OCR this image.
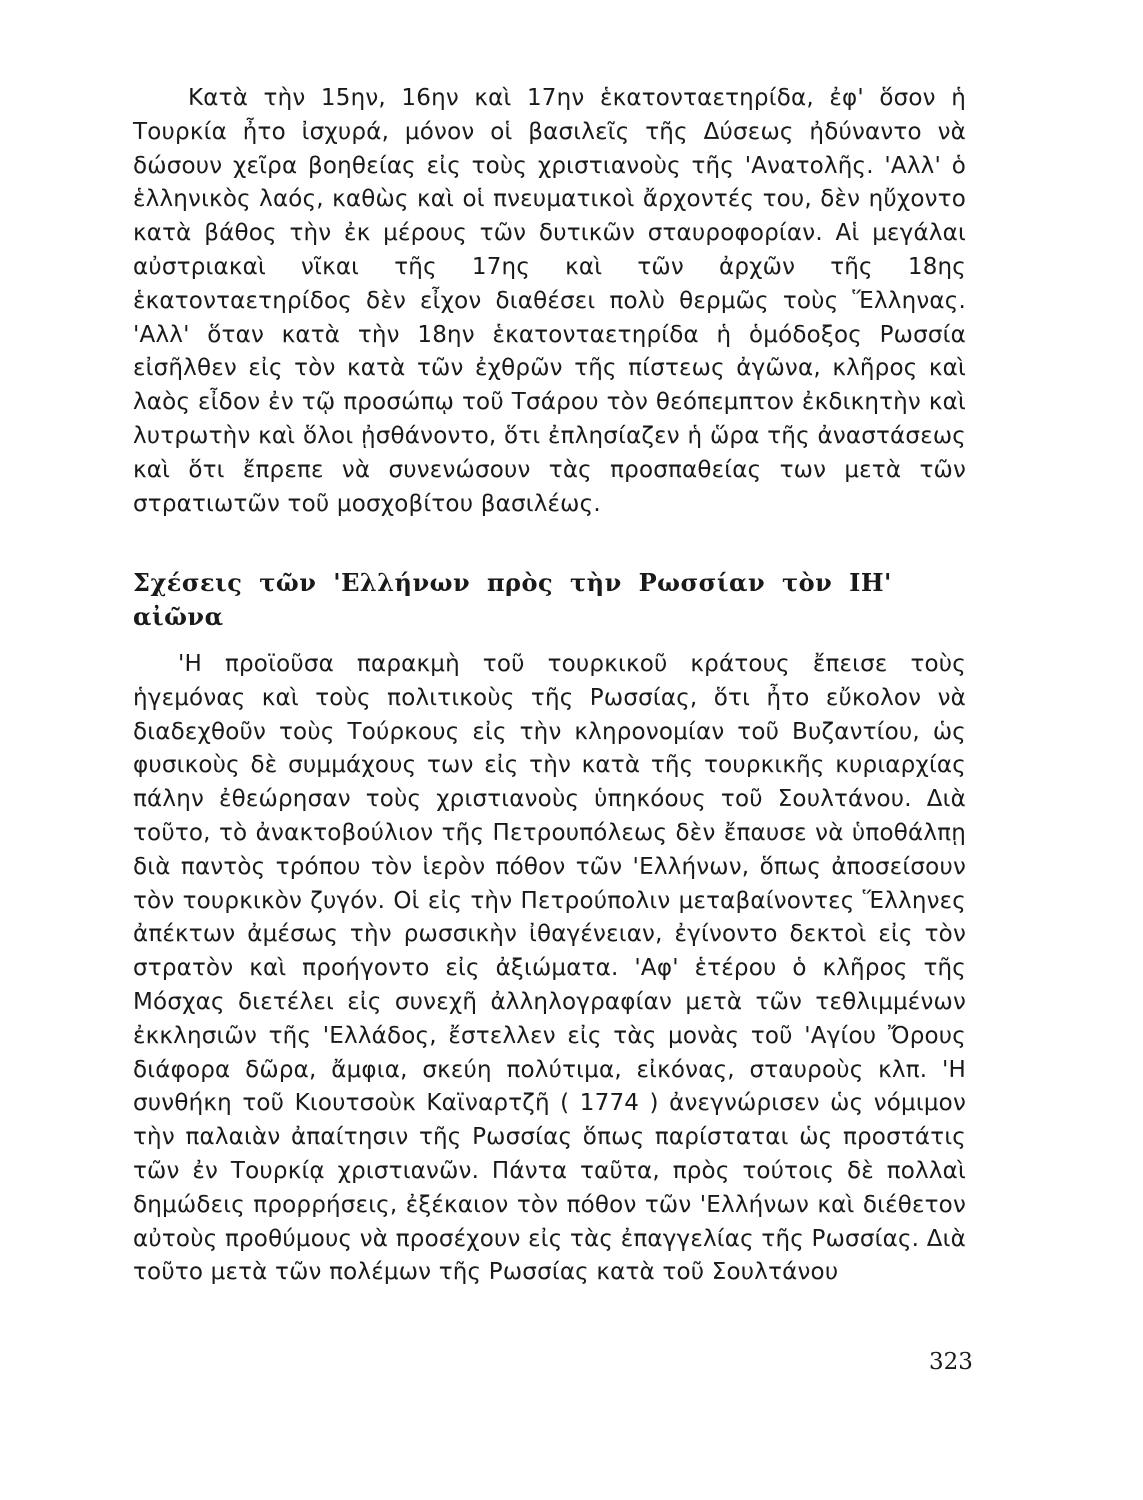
Κατὰ τὴν 15ην, 16ην καὶ 17ην ἑκατονταετηρίδα, ἐφ' ὅσον ἡ Τουρκία ἦτο ἰσχυρά, μόνον οἱ βασιλεῖς τῆς Δύσεως ἠδύναντο νὰ δώσουν χεῖρα βοηθείας εἰς τοὺς χριστιανοὺς τῆς 'Ανατολῆς. 'Αλλ' ὁ ἑλληνικὸς λαός, καθὼς καὶ οἱ πνευματικοὶ ἄρχοντές του, δὲν ηὔχοντο κατὰ βάθος τὴν ἐκ μέρους τῶν δυτικῶν σταυροφορίαν. Αἱ μεγάλαι αὐστριακαὶ νῖκαι τῆς 17ης καὶ τῶν ἀρχῶν τῆς 18ης ἑκατονταετηρίδος δὲν εἶχον διαθέσει πολὺ θερμῶς τοὺς Ἕλληνας. 'Αλλ' ὅταν κατὰ τὴν 18ην ἑκατονταετηρίδα ἡ ὁμόδοξος Ρωσσία εἰσῆλθεν εἰς τὸν κατὰ τῶν ἐχθρῶν τῆς πίστεως ἀγῶνα, κλῆρος καὶ λαὸς εἶδον ἐν τῷ προσώπῳ τοῦ Τσάρου τὸν θεόπεμπτον ἐκδικητὴν καὶ λυτρωτὴν καὶ ὅλοι ᾐσθάνοντο, ὅτι ἐπλησίαζεν ἡ ὥρα τῆς ἀναστάσεως καὶ ὅτι ἔπρεπε νὰ συνενώσουν τὰς προσπαθείας των μετὰ τῶν στρατιωτῶν τοῦ μοσχοβίτου βασιλέως.

Σχέσεις τῶν 'Ελλήνων πρὸς τὴν Ρωσσίαν τὸν ΙΗ' αἰῶνα

'Η προϊοῦσα παρακμὴ τοῦ τουρκικοῦ κράτους ἔπεισε τοὺς ἡγεμόνας καὶ τοὺς πολιτικοὺς τῆς Ρωσσίας, ὅτι ἦτο εὔκολον νὰ διαδεχθοῦν τοὺς Τούρκους εἰς τὴν κληρονομίαν τοῦ Βυζαντίου, ὡς φυσικοὺς δὲ συμμάχους των εἰς τὴν κατὰ τῆς τουρκικῆς κυριαρχίας πάλην ἐθεώρησαν τοὺς χριστιανοὺς ὑπηκόους τοῦ Σουλτάνου. Διὰ τοῦτο, τὸ ἀνακτοβούλιον τῆς Πετρουπόλεως δὲν ἔπαυσε νὰ ὑποθάλπῃ διὰ παντὸς τρόπου τὸν ἱερὸν πόθον τῶν 'Ελλήνων, ὅπως ἀποσείσουν τὸν τουρκικὸν ζυγόν. Οἱ εἰς τὴν Πετρούπολιν μεταβαίνοντες Ἕλληνες ἀπέκτων ἀμέσως τὴν ρωσσικὴν ἰθαγένειαν, ἐγίνοντο δεκτοὶ εἰς τὸν στρατὸν καὶ προήγοντο εἰς ἀξιώματα. 'Αφ' ἑτέρου ὁ κλῆρος τῆς Μόσχας διετέλει εἰς συνεχῆ ἀλληλογραφίαν μετὰ τῶν τεθλιμμένων ἐκκλησιῶν τῆς 'Ελλάδος, ἔστελλεν εἰς τὰς μονὰς τοῦ 'Αγίου Ὄρους διάφορα δῶρα, ἄμφια, σκεύη πολύτιμα, εἰκόνας, σταυροὺς κλπ. 'Η συνθήκη τοῦ Κιουτσοὺκ Καϊναρτζῆ ( 1774 ) ἀνεγνώρισεν ὡς νόμιμον τὴν παλαιὰν ἀπαίτησιν τῆς Ρωσσίας ὅπως παρίσταται ὡς προστάτις τῶν ἐν Τουρκίᾳ χριστιανῶν. Πάντα ταῦτα, πρὸς τούτοις δὲ πολλαὶ δημώδεις προρρήσεις, ἐξέκαιον τὸν πόθον τῶν 'Ελλήνων καὶ διέθετον αὐτοὺς προθύμους νὰ προσέχουν εἰς τὰς ἐπαγγελίας τῆς Ρωσσίας. Διὰ τοῦτο μετὰ τῶν πολέμων τῆς Ρωσσίας κατὰ τοῦ Σουλτάνου

323
